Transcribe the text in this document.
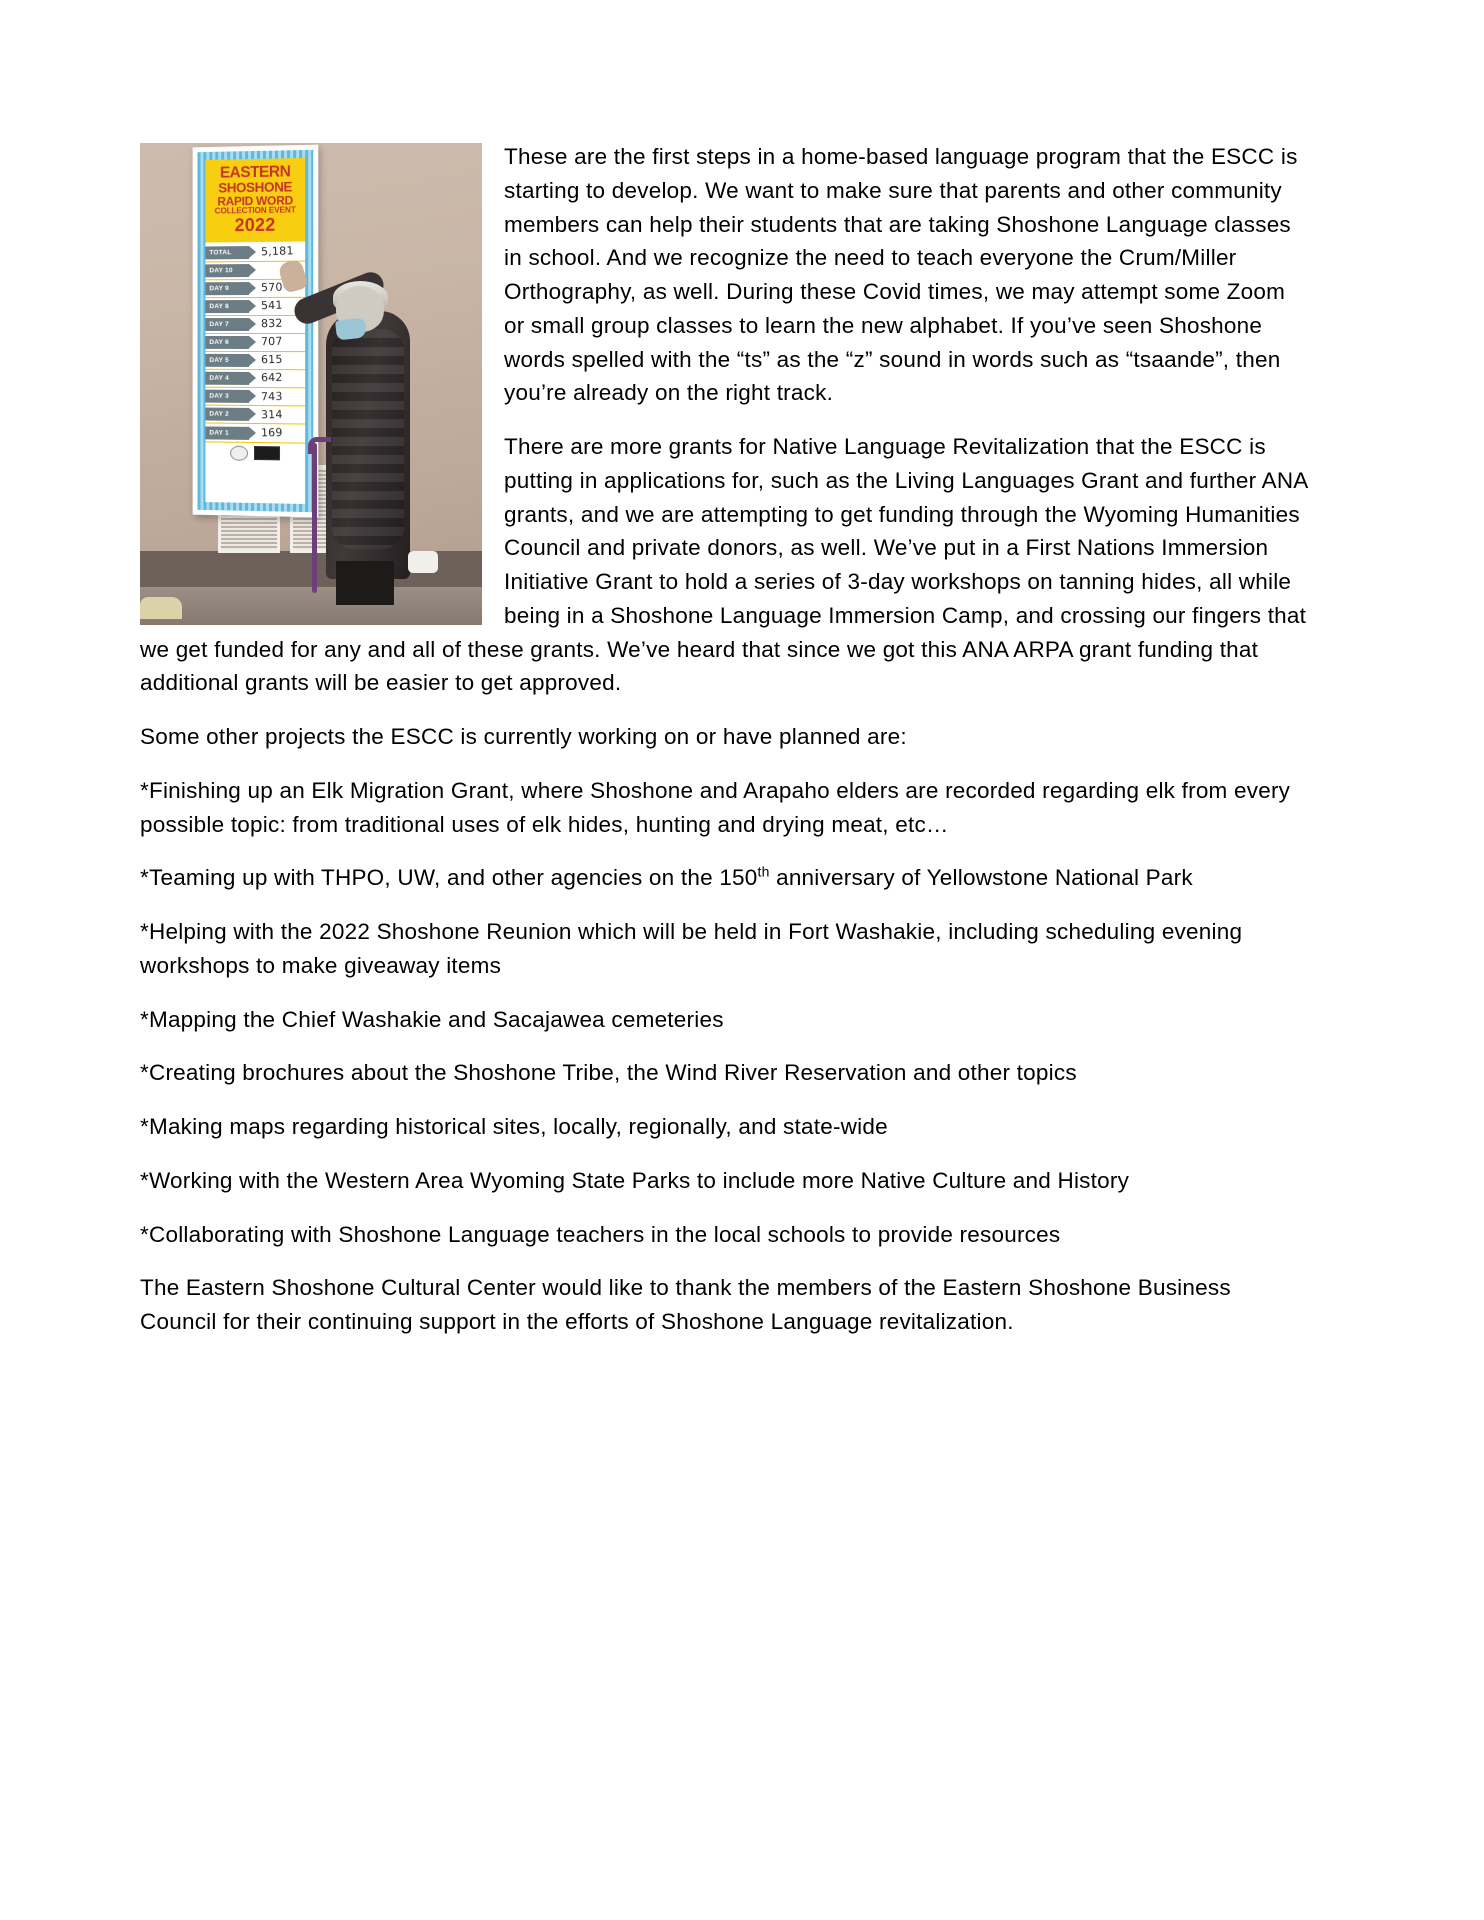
EASTERN
SHOSHONE
RAPID WORD
COLLECTION EVENT
2022
TOTAL	5,181
DAY 10
DAY 9	570
DAY 8	541
DAY 7	832
DAY 6	707
DAY 5	615
DAY 4	642
DAY 3	743
DAY 2	314
DAY 1	169

These are the first steps in a home-based language program that the ESCC is starting to develop. We want to make sure that parents and other community members can help their students that are taking Shoshone Language classes in school. And we recognize the need to teach everyone the Crum/Miller Orthography, as well. During these Covid times, we may attempt some Zoom or small group classes to learn the new alphabet. If you’ve seen Shoshone words spelled with the “ts” as the “z” sound in words such as “tsaande”, then you’re already on the right track.

There are more grants for Native Language Revitalization that the ESCC is putting in applications for, such as the Living Languages Grant and further ANA grants, and we are attempting to get funding through the Wyoming Humanities Council and private donors, as well. We’ve put in a First Nations Immersion Initiative Grant to hold a series of 3-day workshops on tanning hides, all while being in a Shoshone Language Immersion Camp, and crossing our fingers that we get funded for any and all of these grants. We’ve heard that since we got this ANA ARPA grant funding that additional grants will be easier to get approved.

Some other projects the ESCC is currently working on or have planned are:

*Finishing up an Elk Migration Grant, where Shoshone and Arapaho elders are recorded regarding elk from every possible topic: from traditional uses of elk hides, hunting and drying meat, etc…

*Teaming up with THPO, UW, and other agencies on the 150th anniversary of Yellowstone National Park

*Helping with the 2022 Shoshone Reunion which will be held in Fort Washakie, including scheduling evening workshops to make giveaway items

*Mapping the Chief Washakie and Sacajawea cemeteries

*Creating brochures about the Shoshone Tribe, the Wind River Reservation and other topics

*Making maps regarding historical sites, locally, regionally, and state-wide

*Working with the Western Area Wyoming State Parks to include more Native Culture and History

*Collaborating with Shoshone Language teachers in the local schools to provide resources

The Eastern Shoshone Cultural Center would like to thank the members of the Eastern Shoshone Business Council for their continuing support in the efforts of Shoshone Language revitalization.
